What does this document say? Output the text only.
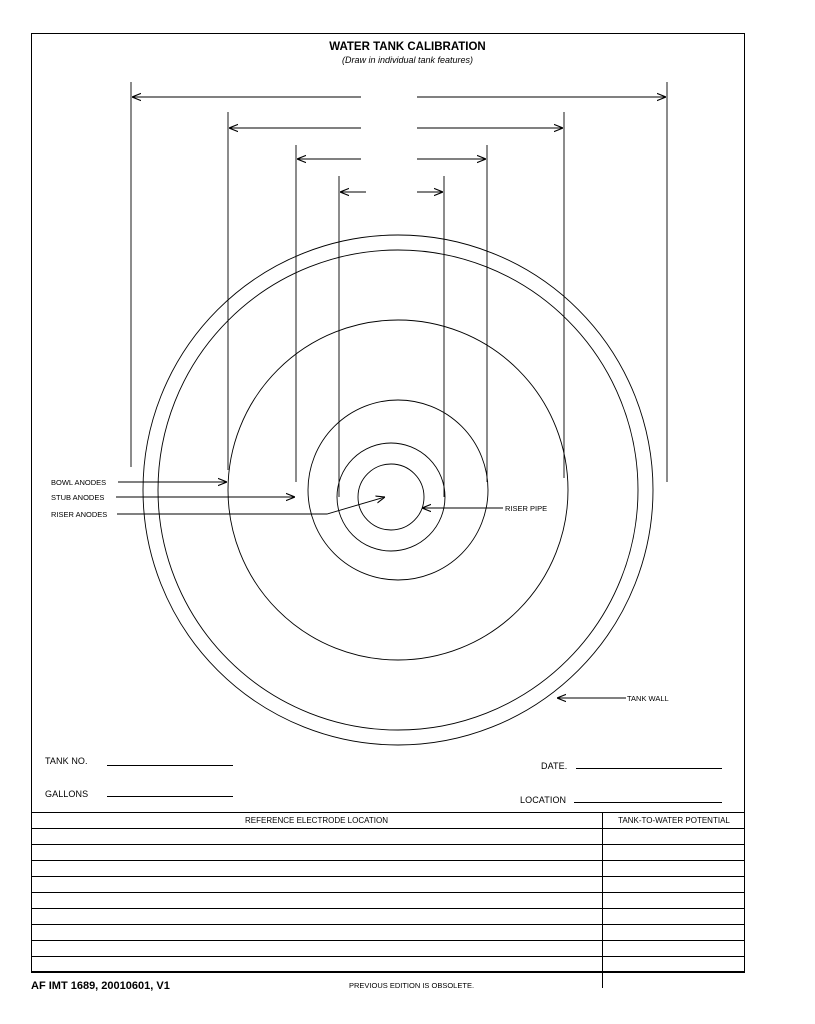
WATER TANK CALIBRATION
(Draw in individual tank features)
BOWL ANODES
STUB ANODES
RISER ANODES
RISER PIPE
TANK WALL
TANK NO.
GALLONS
DATE.
LOCATION
REFERENCE ELECTRODE LOCATION	TANK-TO-WATER POTENTIAL

AF IMT 1689, 20010601, V1	PREVIOUS EDITION IS OBSOLETE.
